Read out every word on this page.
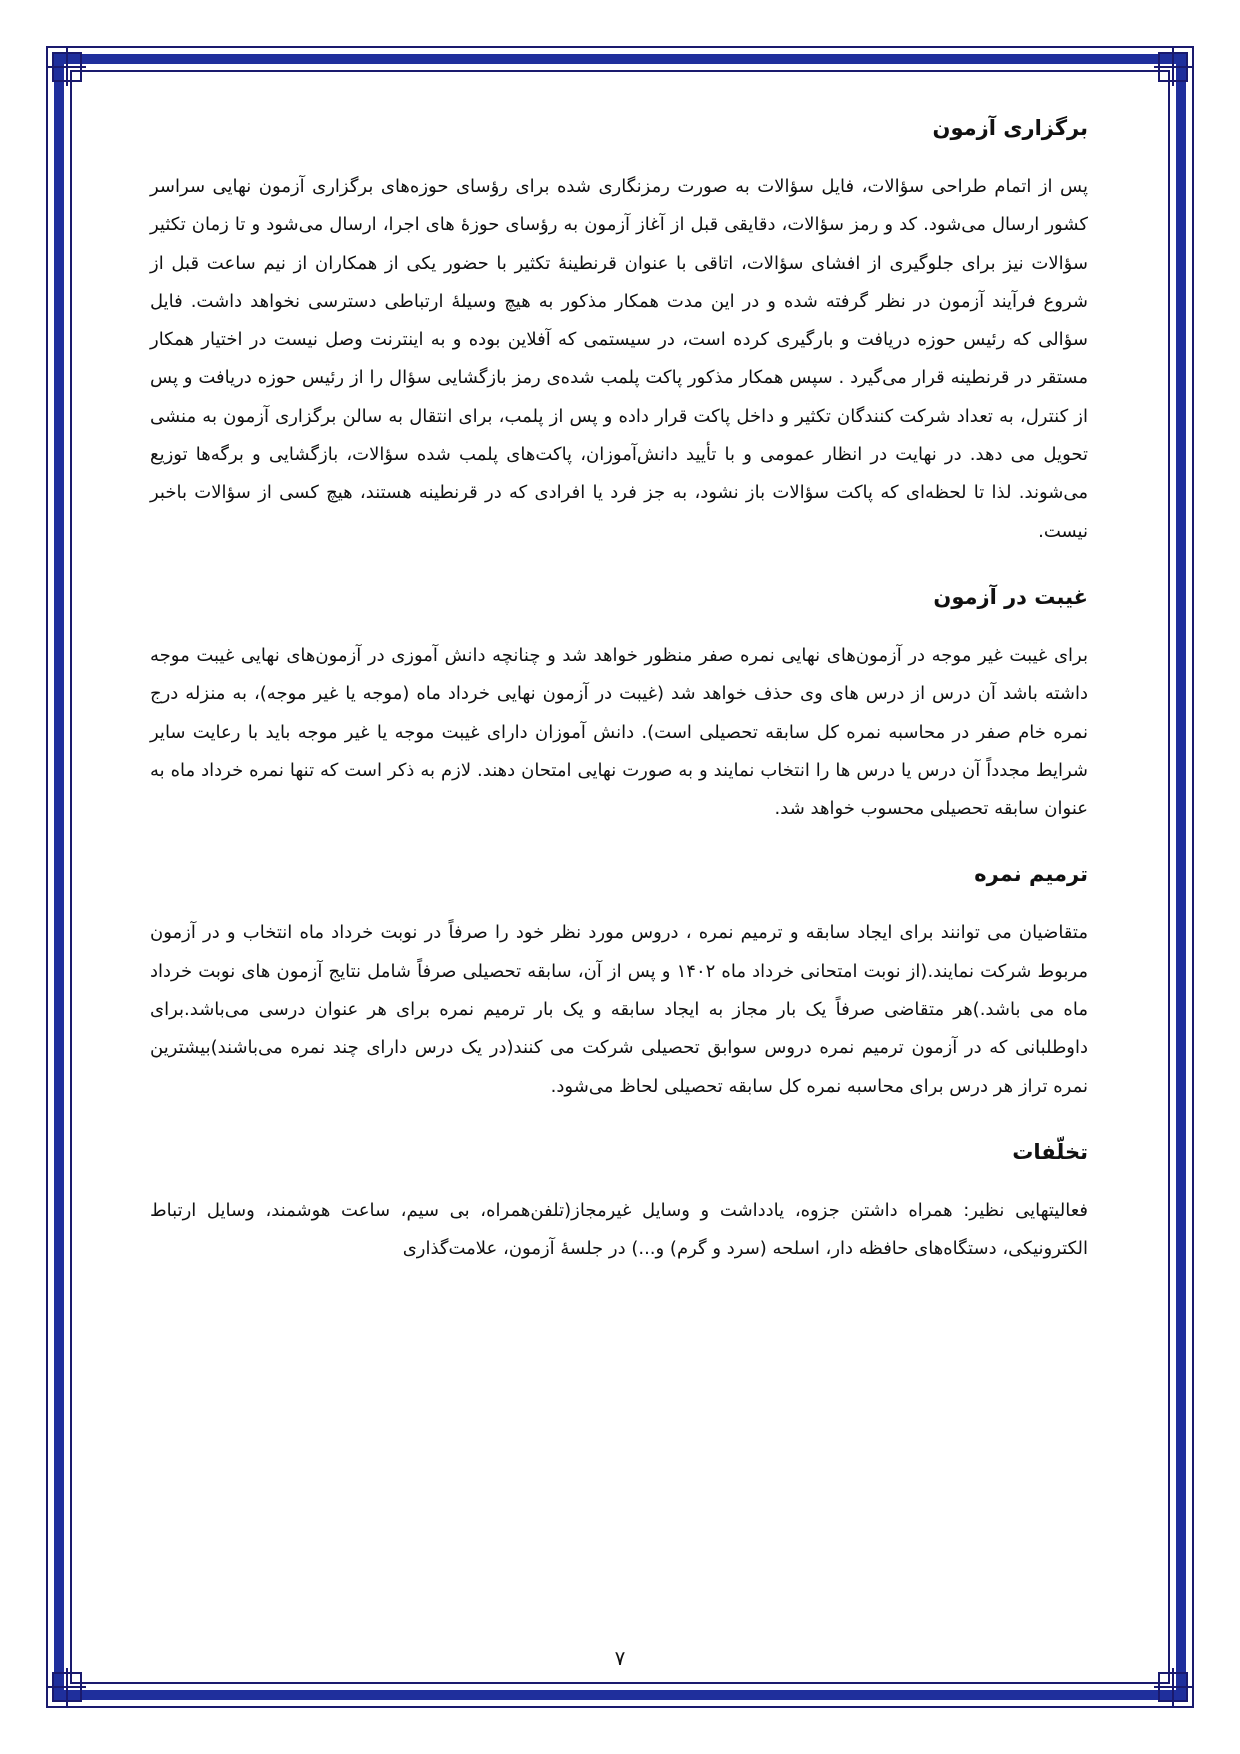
برگزاری آزمون

پس از اتمام طراحی سؤالات، فایل سؤالات به صورت رمزنگاری شده برای رؤسای حوزه‌های برگزاری آزمون نهایی سراسر کشور ارسال می‌شود. کد و رمز سؤالات، دقایقی قبل از آغاز آزمون به رؤسای حوزهٔ های اجرا، ارسال می‌شود و تا زمان تکثیر سؤالات نیز برای جلوگیری از افشای سؤالات، اتاقی با عنوان قرنطینهٔ تکثیر با حضور یکی از همکاران از نیم ساعت قبل از شروع فرآیند آزمون در نظر گرفته شده و در این مدت همکار مذکور به هیچ وسیلهٔ ارتباطی دسترسی نخواهد داشت. فایل سؤالی که رئیس حوزه دریافت و بارگیری کرده است، در سیستمی که آفلاین بوده و به اینترنت وصل نیست در اختیار همکار مستقر در قرنطینه قرار می‌گیرد . سپس همکار مذکور پاکت پلمب شده‌ی رمز بازگشایی سؤال را از رئیس حوزه دریافت و پس از کنترل، به تعداد شرکت کنندگان تکثیر و داخل پاکت قرار داده و پس از پلمب، برای انتقال به سالن برگزاری آزمون به منشی تحویل می دهد. در نهایت در انظار عمومی و با تأیید دانش‌آموزان، پاکت‌های پلمب شده سؤالات، بازگشایی و برگه‌ها توزیع می‌شوند. لذا تا لحظه‌ای که پاکت سؤالات باز نشود، به جز فرد یا افرادی که در قرنطینه هستند، هیچ کسی از سؤالات باخبر نیست.

غیبت در آزمون

برای غیبت غیر موجه در آزمون‌های نهایی نمره صفر منظور خواهد شد و چنانچه دانش آموزی در آزمون‌های نهایی غیبت موجه داشته باشد آن درس از درس های وی حذف خواهد شد (غیبت در آزمون نهایی خرداد ماه (موجه یا غیر موجه)، به منزله درج نمره خام صفر در محاسبه نمره کل سابقه تحصیلی است). دانش آموزان دارای غیبت موجه یا غیر موجه باید با رعایت سایر شرایط مجدداً آن درس یا درس ها را انتخاب نمایند و به صورت نهایی امتحان دهند. لازم به ذکر است که تنها نمره خرداد ماه به عنوان سابقه تحصیلی محسوب خواهد شد.

ترمیم نمره

متقاضیان می توانند برای ایجاد سابقه و ترمیم نمره ، دروس مورد نظر خود را صرفاً در نوبت خرداد ماه انتخاب و در آزمون مربوط شرکت نمایند.(از نوبت امتحانی خرداد ماه ۱۴۰۲ و پس از آن، سابقه تحصیلی صرفاً شامل نتایج آزمون های نوبت خرداد ماه می باشد.)هر متقاضی صرفاً یک بار مجاز به ایجاد سابقه و یک بار ترمیم نمره برای هر عنوان درسی می‌باشد.برای داوطلبانی که در آزمون ترمیم نمره دروس سوابق تحصیلی شرکت می کنند(در یک درس دارای چند نمره می‌باشند)بیشترین نمره تراز هر درس برای محاسبه نمره کل سابقه تحصیلی لحاظ می‌شود.

تخلّفات

فعالیتهایی نظیر: همراه داشتن جزوه، یادداشت و وسایل غیرمجاز(تلفن‌همراه، بی سیم، ساعت هوشمند، وسایل ارتباط الکترونیکی، دستگاه‌های حافظه دار، اسلحه (سرد و گرم) و...) در جلسهٔ آزمون، علامت‌گذاری

۷
